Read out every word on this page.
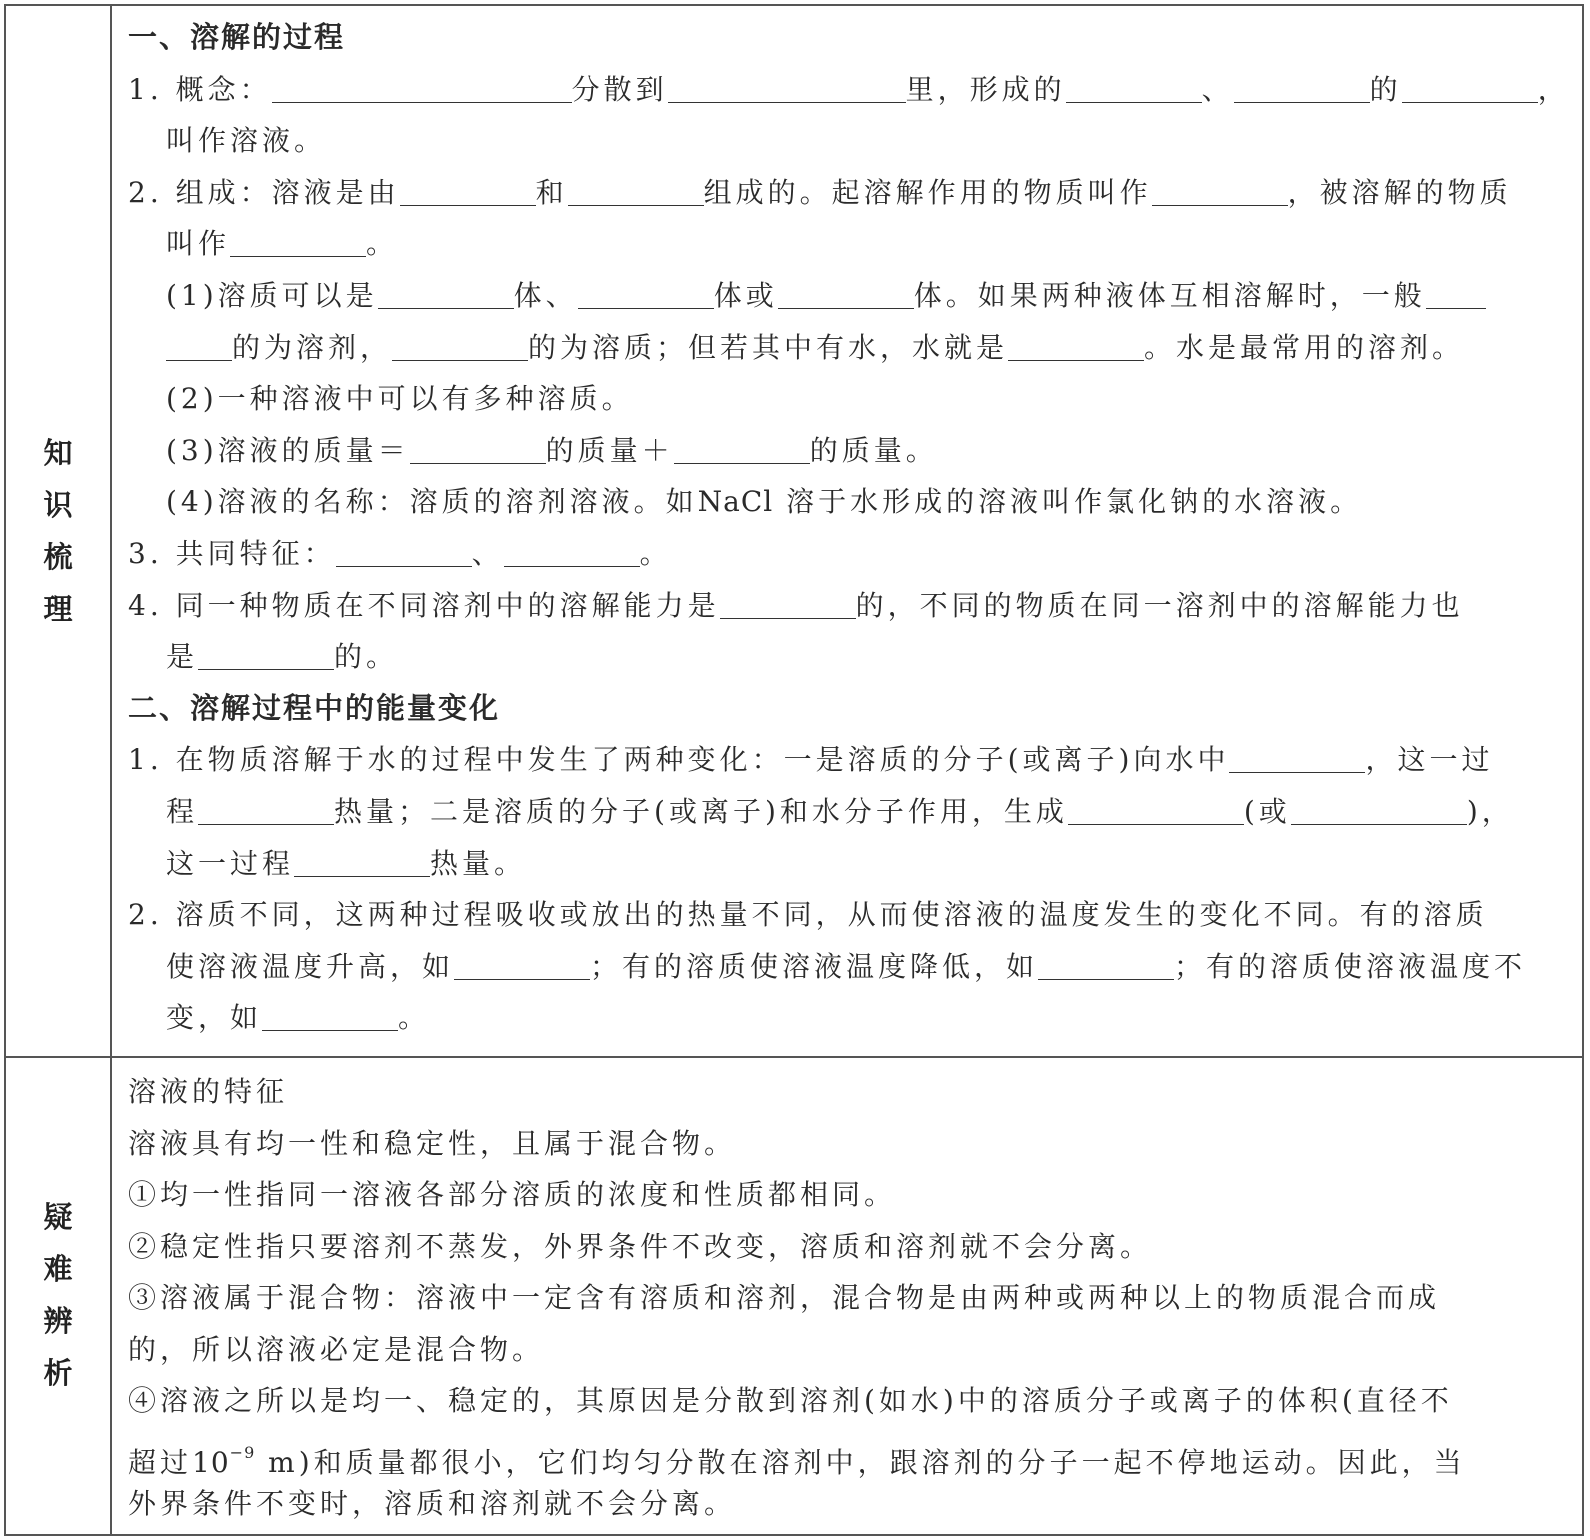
知识梳理
一、溶解的过程
1. 概念：	分散到	里，形成的	、	的	，
叫作溶液。
2. 组成：溶液是由	和	组成的。起溶解作用的物质叫作	，被溶解的物质
叫作	。
(1)溶质可以是	体、	体或	体。如果两种液体互相溶解时，一般
的为溶剂，	的为溶质；但若其中有水，水就是	。水是最常用的溶剂。
(2)一种溶液中可以有多种溶质。
(3)溶液的质量＝	的质量＋	的质量。
(4)溶液的名称：溶质的溶剂溶液。如NaCl 溶于水形成的溶液叫作氯化钠的水溶液。
3. 共同特征：	、	。
4. 同一种物质在不同溶剂中的溶解能力是	的，不同的物质在同一溶剂中的溶解能力也
是	的。
二、溶解过程中的能量变化
1. 在物质溶解于水的过程中发生了两种变化：一是溶质的分子(或离子)向水中	，这一过
程	热量；二是溶质的分子(或离子)和水分子作用，生成	(或	)，
这一过程	热量。
2. 溶质不同，这两种过程吸收或放出的热量不同，从而使溶液的温度发生的变化不同。有的溶质
使溶液温度升高，如	；有的溶质使溶液温度降低，如	；有的溶质使溶液温度不
变，如	。
疑难辨析
溶液的特征
溶液具有均一性和稳定性，且属于混合物。
①均一性指同一溶液各部分溶质的浓度和性质都相同。
②稳定性指只要溶剂不蒸发，外界条件不改变，溶质和溶剂就不会分离。
③溶液属于混合物：溶液中一定含有溶质和溶剂，混合物是由两种或两种以上的物质混合而成
的，所以溶液必定是混合物。
④溶液之所以是均一、稳定的，其原因是分散到溶剂(如水)中的溶质分子或离子的体积(直径不
超过$10^{-9}$ m)和质量都很小，它们均匀分散在溶剂中，跟溶剂的分子一起不停地运动。因此，当
外界条件不变时，溶质和溶剂就不会分离。
